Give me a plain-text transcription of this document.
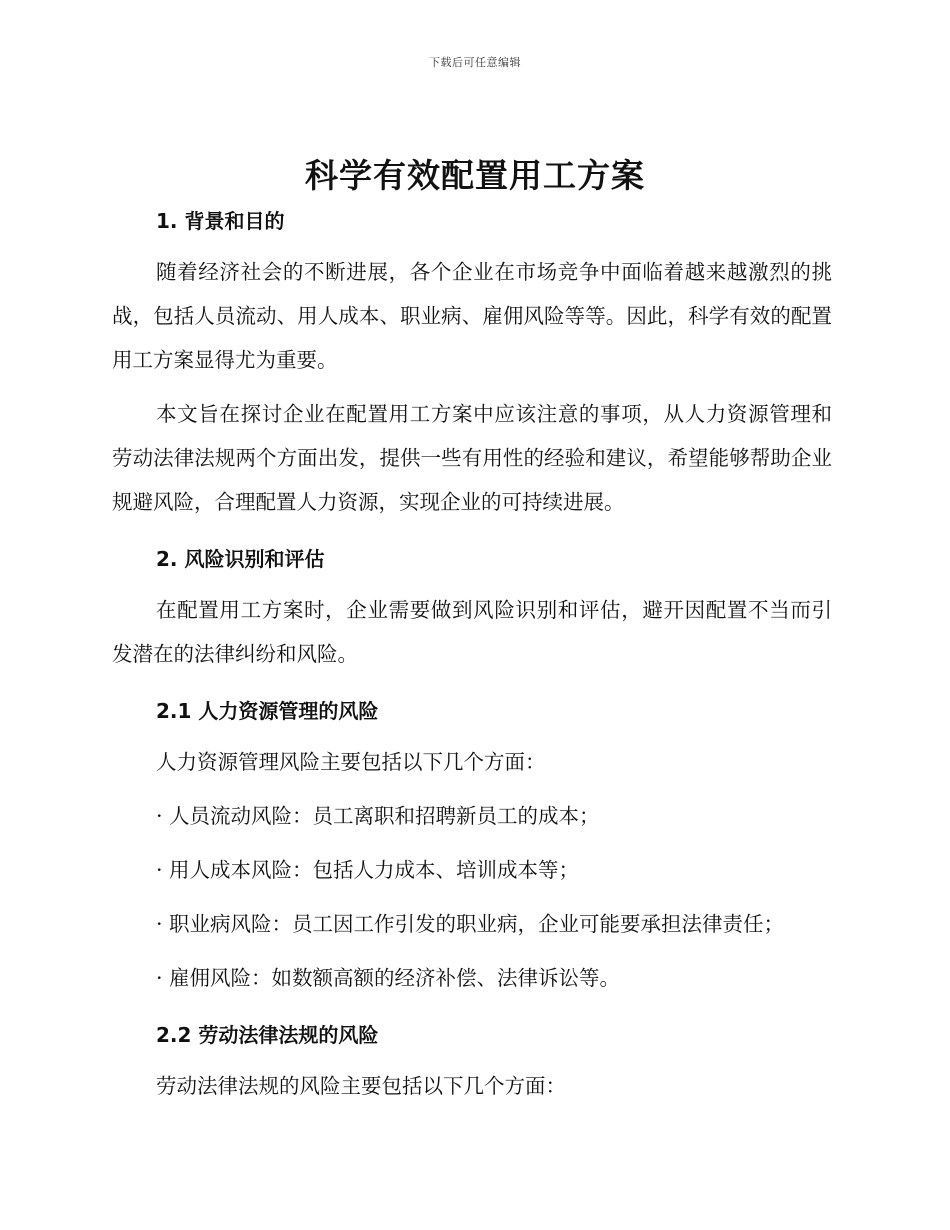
下载后可任意编辑
科学有效配置用工方案
1. 背景和目的

随着经济社会的不断进展，各个企业在市场竞争中面临着越来越激烈的挑战，包括人员流动、用人成本、职业病、雇佣风险等等。因此，科学有效的配置用工方案显得尤为重要。

本文旨在探讨企业在配置用工方案中应该注意的事项，从人力资源管理和劳动法律法规两个方面出发，提供一些有用性的经验和建议，希望能够帮助企业规避风险，合理配置人力资源，实现企业的可持续进展。

2. 风险识别和评估

在配置用工方案时，企业需要做到风险识别和评估，避开因配置不当而引发潜在的法律纠纷和风险。

2.1 人力资源管理的风险

人力资源管理风险主要包括以下几个方面：

· 人员流动风险：员工离职和招聘新员工的成本；

· 用人成本风险：包括人力成本、培训成本等；

· 职业病风险：员工因工作引发的职业病，企业可能要承担法律责任；

· 雇佣风险：如数额高额的经济补偿、法律诉讼等。

2.2 劳动法律法规的风险

劳动法律法规的风险主要包括以下几个方面：
